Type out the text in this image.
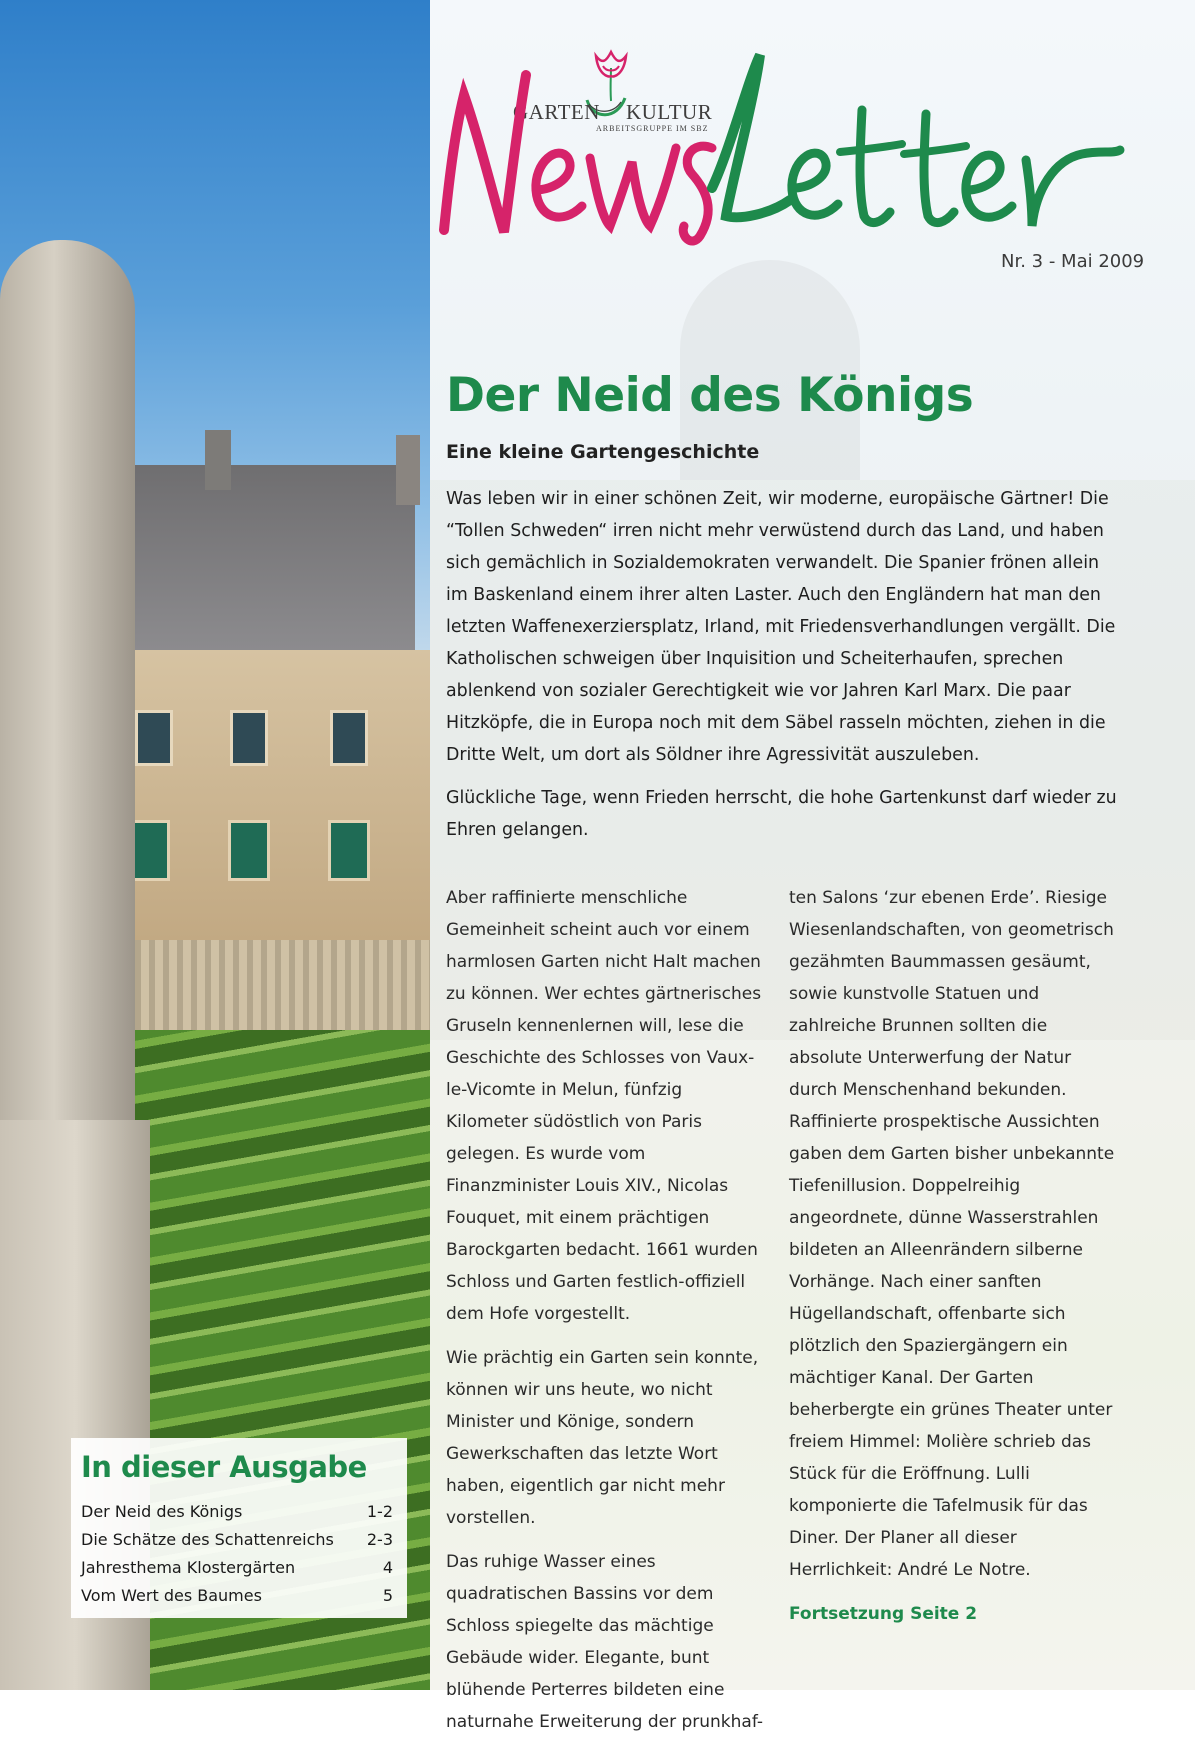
GARTEN KULTUR
ARBEITSGRUPPE IM SBZ
Nr. 3 - Mai 2009
Der Neid des Königs
Eine kleine Gartengeschichte

Was leben wir in einer schönen Zeit, wir moderne, europäische Gärtner! Die “Tollen Schweden“ irren nicht mehr verwüstend durch das Land, und haben sich gemächlich in Sozialdemokraten verwandelt. Die Spanier frönen allein im Baskenland einem ihrer alten Laster. Auch den Engländern hat man den letzten Waffenexerziersplatz, Irland, mit Friedensverhandlungen vergällt. Die Katholischen schweigen über Inquisition und Scheiterhaufen, sprechen ablenkend von sozialer Gerechtigkeit wie vor Jahren Karl Marx. Die paar Hitzköpfe, die in Europa noch mit dem Säbel rasseln möchten, ziehen in die Dritte Welt, um dort als Söldner ihre Agressivität auszuleben.

Glückliche Tage, wenn Frieden herrscht, die hohe Gartenkunst darf wieder zu Ehren gelangen.

Aber raffinierte menschliche Gemeinheit scheint auch vor einem harmlosen Garten nicht Halt machen zu können. Wer echtes gärtnerisches Gruseln kennenlernen will, lese die Geschichte des Schlosses von Vaux-le-Vicomte in Melun, fünfzig Kilometer südöstlich von Paris gelegen. Es wurde vom Finanzminister Louis XIV., Nicolas Fouquet, mit einem prächtigen Barockgarten bedacht. 1661 wurden Schloss und Garten festlich-offiziell dem Hofe vorgestellt.

Wie prächtig ein Garten sein konnte, können wir uns heute, wo nicht Minister und Könige, sondern Gewerkschaften das letzte Wort haben, eigentlich gar nicht mehr vorstellen.

Das ruhige Wasser eines quadratischen Bassins vor dem Schloss spiegelte das mächtige Gebäude wider. Elegante, bunt blühende Perterres bildeten eine naturnahe Erweiterung der prunkhaf-

ten Salons ‘zur ebenen Erde’. Riesige Wiesenlandschaften, von geometrisch gezähmten Baummassen gesäumt, sowie kunstvolle Statuen und zahlreiche Brunnen sollten die absolute Unterwerfung der Natur durch Menschenhand bekunden. Raffinierte prospektische Aussichten gaben dem Garten bisher unbekannte Tiefenillusion. Doppelreihig angeordnete, dünne Wasserstrahlen bildeten an Alleenrändern silberne Vorhänge. Nach einer sanften Hügellandschaft, offenbarte sich plötzlich den Spaziergängern ein mächtiger Kanal. Der Garten beherbergte ein grünes Theater unter freiem Himmel: Molière schrieb das Stück für die Eröffnung. Lulli komponierte die Tafelmusik für das Diner. Der Planer all dieser Herrlichkeit: André Le Notre.

Fortsetzung Seite 2
In dieser Ausgabe
Der Neid des Königs	1-2
Die Schätze des Schattenreichs 2-3
Jahresthema Klostergärten	4
Vom Wert des Baumes	5
